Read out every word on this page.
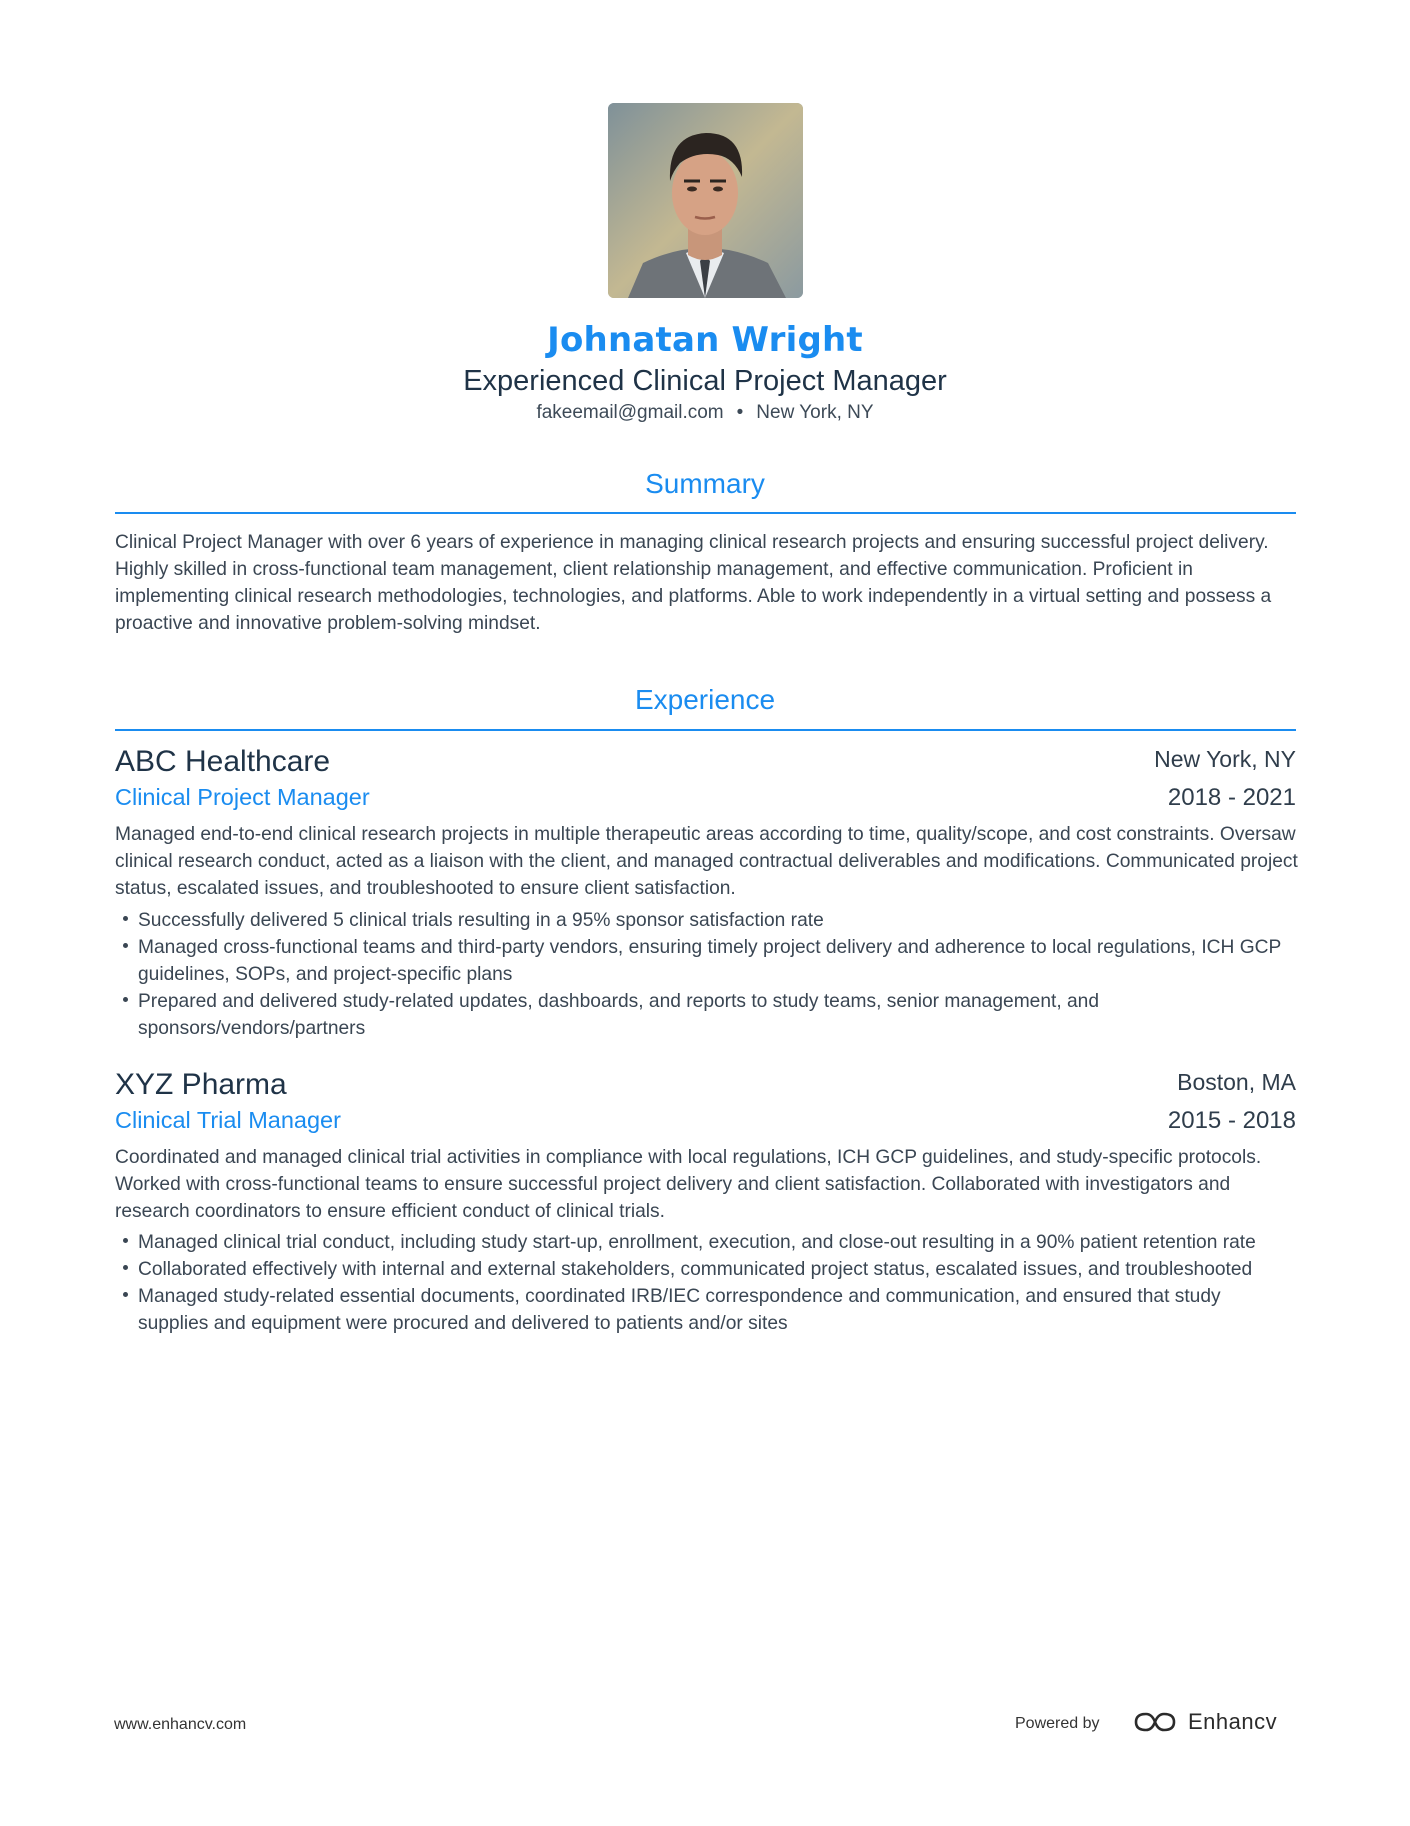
Johnatan Wright
Experienced Clinical Project Manager
fakeemail@gmail.com • New York, NY
Summary
Clinical Project Manager with over 6 years of experience in managing clinical research projects and ensuring successful project delivery. Highly skilled in cross-functional team management, client relationship management, and effective communication. Proficient in implementing clinical research methodologies, technologies, and platforms. Able to work independently in a virtual setting and possess a proactive and innovative problem-solving mindset.
Experience
ABC Healthcare	New York, NY
Clinical Project Manager	2018 - 2021
Managed end-to-end clinical research projects in multiple therapeutic areas according to time, quality/scope, and cost constraints. Oversaw clinical research conduct, acted as a liaison with the client, and managed contractual deliverables and modifications. Communicated project status, escalated issues, and troubleshooted to ensure client satisfaction.
Successfully delivered 5 clinical trials resulting in a 95% sponsor satisfaction rate
Managed cross-functional teams and third-party vendors, ensuring timely project delivery and adherence to local regulations, ICH GCP guidelines, SOPs, and project-specific plans
Prepared and delivered study-related updates, dashboards, and reports to study teams, senior management, and sponsors/vendors/partners
XYZ Pharma	Boston, MA
Clinical Trial Manager	2015 - 2018
Coordinated and managed clinical trial activities in compliance with local regulations, ICH GCP guidelines, and study-specific protocols. Worked with cross-functional teams to ensure successful project delivery and client satisfaction. Collaborated with investigators and research coordinators to ensure efficient conduct of clinical trials.
Managed clinical trial conduct, including study start-up, enrollment, execution, and close-out resulting in a 90% patient retention rate
Collaborated effectively with internal and external stakeholders, communicated project status, escalated issues, and troubleshooted
Managed study-related essential documents, coordinated IRB/IEC correspondence and communication, and ensured that study supplies and equipment were procured and delivered to patients and/or sites
www.enhancv.com	Powered by	Enhancv
